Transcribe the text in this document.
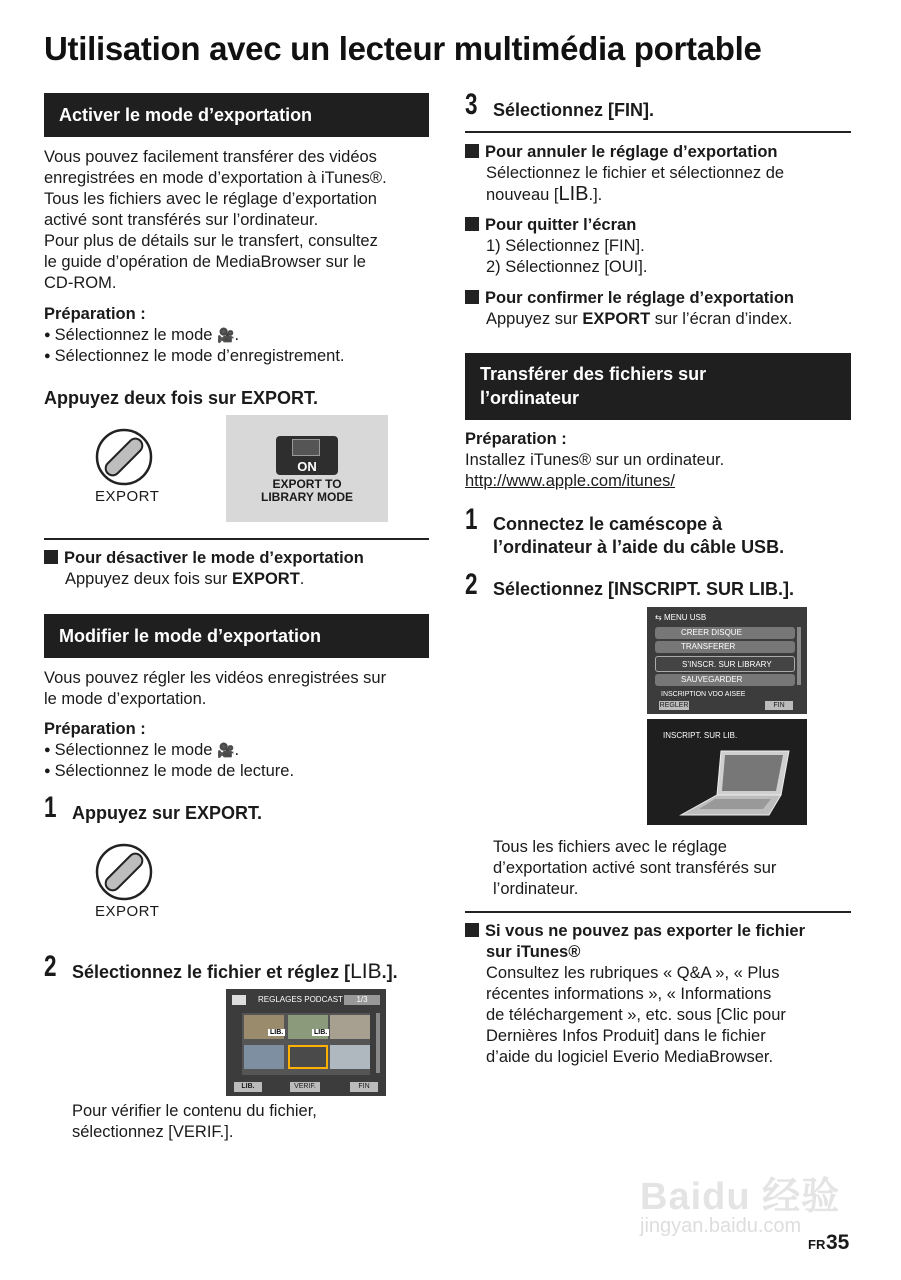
Utilisation avec un lecteur multimédia portable
Activer le mode d’exportation
Vous pouvez facilement transférer des vidéos
enregistrées en mode d’exportation à iTunes®.
Tous les fichiers avec le réglage d’exportation
activé sont transférés sur l’ordinateur.
Pour plus de détails sur le transfert, consultez
le guide d’opération de MediaBrowser sur le
CD-ROM.
Préparation :
● Sélectionnez le mode 🎥.
● Sélectionnez le mode d’enregistrement.
Appuyez deux fois sur EXPORT.
EXPORT
ON
EXPORT TO
LIBRARY MODE
Pour désactiver le mode d’exportation
Appuyez deux fois sur EXPORT.
Modifier le mode d’exportation
Vous pouvez régler les vidéos enregistrées sur
le mode d’exportation.
Préparation :
● Sélectionnez le mode 🎥.
● Sélectionnez le mode de lecture.
1 Appuyez sur EXPORT.
EXPORT
2 Sélectionnez le fichier et réglez [LIB.].
REGLAGES PODCAST	1/3
LIB.	LIB.
LIB.	VERIF.	FIN
Pour vérifier le contenu du fichier,
sélectionnez [VERIF.].
3 Sélectionnez [FIN].
Pour annuler le réglage d’exportation
Sélectionnez le fichier et sélectionnez de
nouveau [LIB.].
Pour quitter l’écran
1) Sélectionnez [FIN].
2) Sélectionnez [OUI].
Pour confirmer le réglage d’exportation
Appuyez sur EXPORT sur l’écran d’index.
Transférer des fichiers sur
l’ordinateur
Préparation :
Installez iTunes® sur un ordinateur.
http://www.apple.com/itunes/
1 Connectez le caméscope à
l’ordinateur à l’aide du câble USB.
2 Sélectionnez [INSCRIPT. SUR LIB.].
⇆ MENU USB
CREER DISQUE
TRANSFERER
S’INSCR. SUR LIBRARY
SAUVEGARDER
INSCRIPTION VDO AISEE
REGLER	FIN
INSCRIPT. SUR LIB.
Tous les fichiers avec le réglage
d’exportation activé sont transférés sur
l’ordinateur.
Si vous ne pouvez pas exporter le fichier
sur iTunes®
Consultez les rubriques « Q&A », « Plus
récentes informations », « Informations
de téléchargement », etc. sous [Clic pour
Dernières Infos Produit] dans le fichier
d’aide du logiciel Everio MediaBrowser.
Baidu 经验
jingyan.baidu.com
FR 35
